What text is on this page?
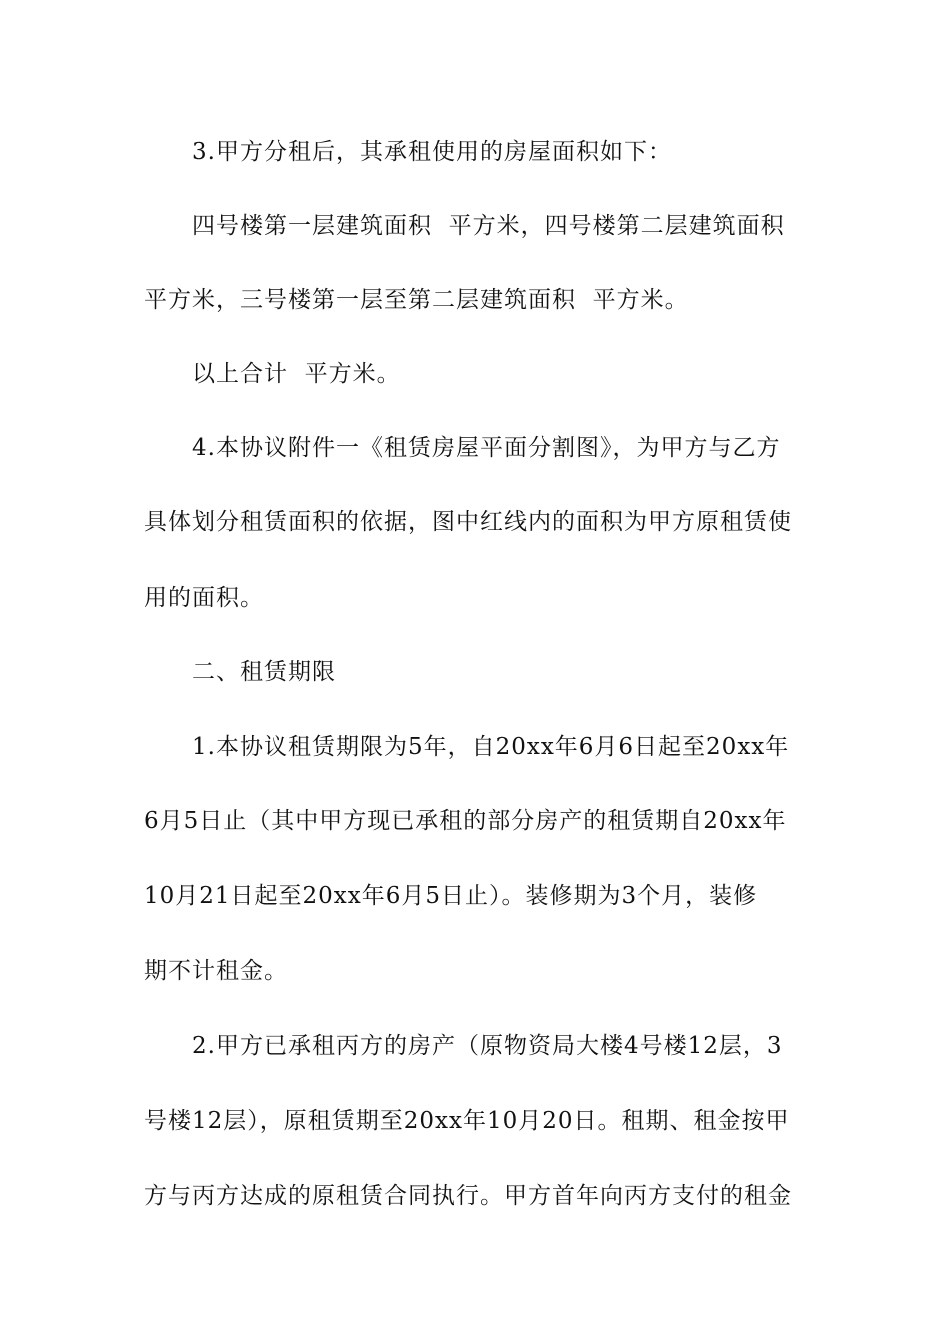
3.甲方分租后，其承租使用的房屋面积如下：
四号楼第一层建筑面积  平方米，四号楼第二层建筑面积
平方米，三号楼第一层至第二层建筑面积  平方米。
以上合计  平方米。
4.本协议附件一《租赁房屋平面分割图》，为甲方与乙方
具体划分租赁面积的依据，图中红线内的面积为甲方原租赁使
用的面积。
二、租赁期限
1.本协议租赁期限为5年，自20xx年6月6日起至20xx年
6月5日止（其中甲方现已承租的部分房产的租赁期自20xx年
10月21日起至20xx年6月5日止）。装修期为3个月，装修
期不计租金。
2.甲方已承租丙方的房产（原物资局大楼4号楼12层，3
号楼12层），原租赁期至20xx年10月20日。租期、租金按甲
方与丙方达成的原租赁合同执行。甲方首年向丙方支付的租金
